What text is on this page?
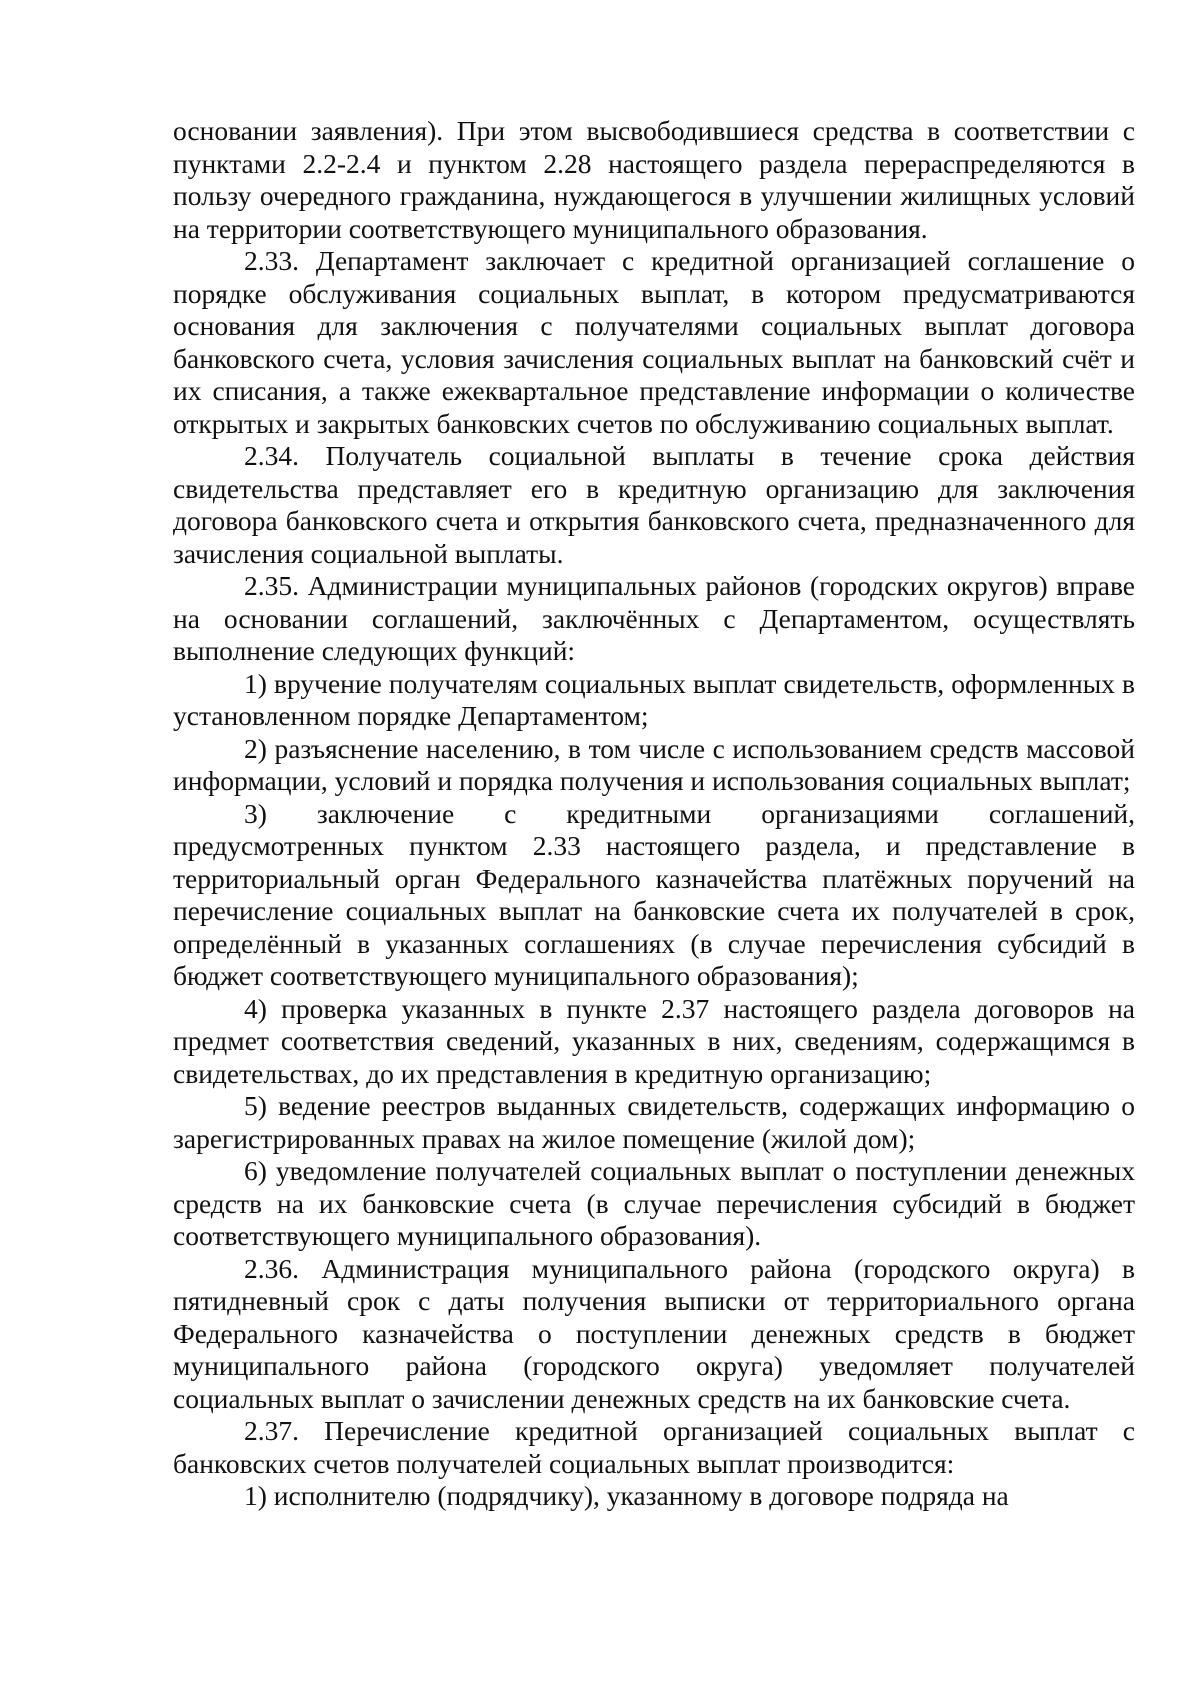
основании заявления). При этом высвободившиеся средства в соответствии с пунктами 2.2-2.4 и пунктом 2.28 настоящего раздела перераспределяются в пользу очередного гражданина, нуждающегося в улучшении жилищных условий на территории соответствующего муниципального образования.

2.33. Департамент заключает с кредитной организацией соглашение о порядке обслуживания социальных выплат, в котором предусматриваются основания для заключения с получателями социальных выплат договора банковского счета, условия зачисления социальных выплат на банковский счёт и их списания, а также ежеквартальное представление информации о количестве открытых и закрытых банковских счетов по обслуживанию социальных выплат.

2.34. Получатель социальной выплаты в течение срока действия свидетельства представляет его в кредитную организацию для заключения договора банковского счета и открытия банковского счета, предназначенного для зачисления социальной выплаты.

2.35. Администрации муниципальных районов (городских округов) вправе на основании соглашений, заключённых с Департаментом, осуществлять выполнение следующих функций:

1) вручение получателям социальных выплат свидетельств, оформленных в установленном порядке Департаментом;

2) разъяснение населению, в том числе с использованием средств массовой информации, условий и порядка получения и использования социальных выплат;

3) заключение с кредитными организациями соглашений, предусмотренных пунктом 2.33 настоящего раздела, и представление в территориальный орган Федерального казначейства платёжных поручений на перечисление социальных выплат на банковские счета их получателей в срок, определённый в указанных соглашениях (в случае перечисления субсидий в бюджет соответствующего муниципального образования);

4) проверка указанных в пункте 2.37 настоящего раздела договоров на предмет соответствия сведений, указанных в них, сведениям, содержащимся в свидетельствах, до их представления в кредитную организацию;

5) ведение реестров выданных свидетельств, содержащих информацию о зарегистрированных правах на жилое помещение (жилой дом);

6) уведомление получателей социальных выплат о поступлении денежных средств на их банковские счета (в случае перечисления субсидий в бюджет соответствующего муниципального образования).

2.36. Администрация муниципального района (городского округа) в пятидневный срок с даты получения выписки от территориального органа Федерального казначейства о поступлении денежных средств в бюджет муниципального района (городского округа) уведомляет получателей социальных выплат о зачислении денежных средств на их банковские счета.

2.37. Перечисление кредитной организацией социальных выплат с банковских счетов получателей социальных выплат производится:

1) исполнителю (подрядчику), указанному в договоре подряда на
